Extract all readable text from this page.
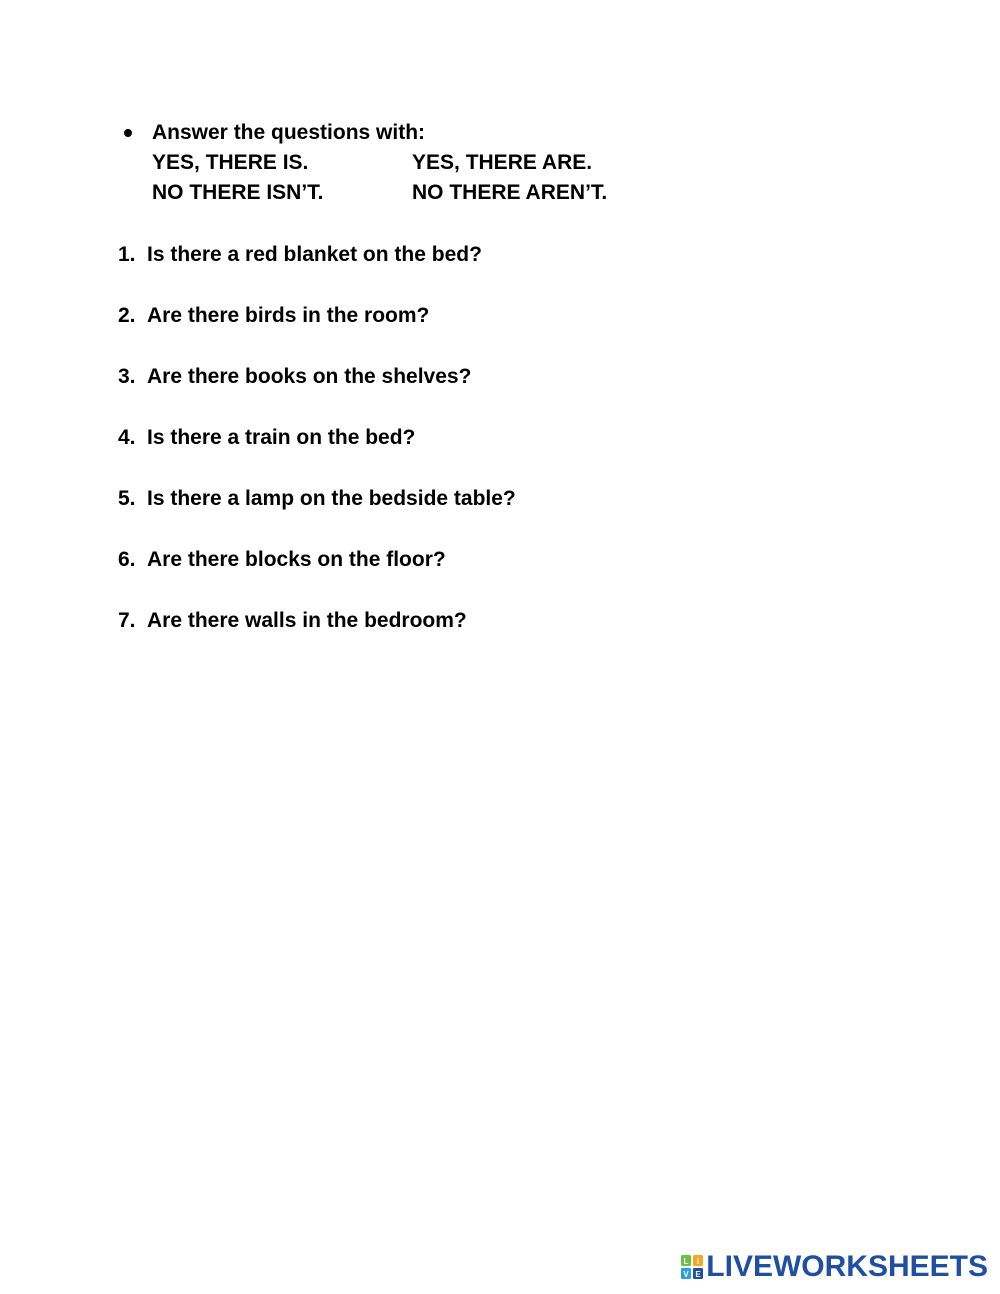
Answer the questions with:
YES, THERE IS.	YES, THERE ARE.
NO THERE ISN’T.	NO THERE AREN’T.
1. Is there a red blanket on the bed?
2. Are there birds in the room?
3. Are there books on the shelves?
4. Is there a train on the bed?
5. Is there a lamp on the bedside table?
6. Are there blocks on the floor?
7. Are there walls in the bedroom?
L I
V E LIVEWORKSHEETS
